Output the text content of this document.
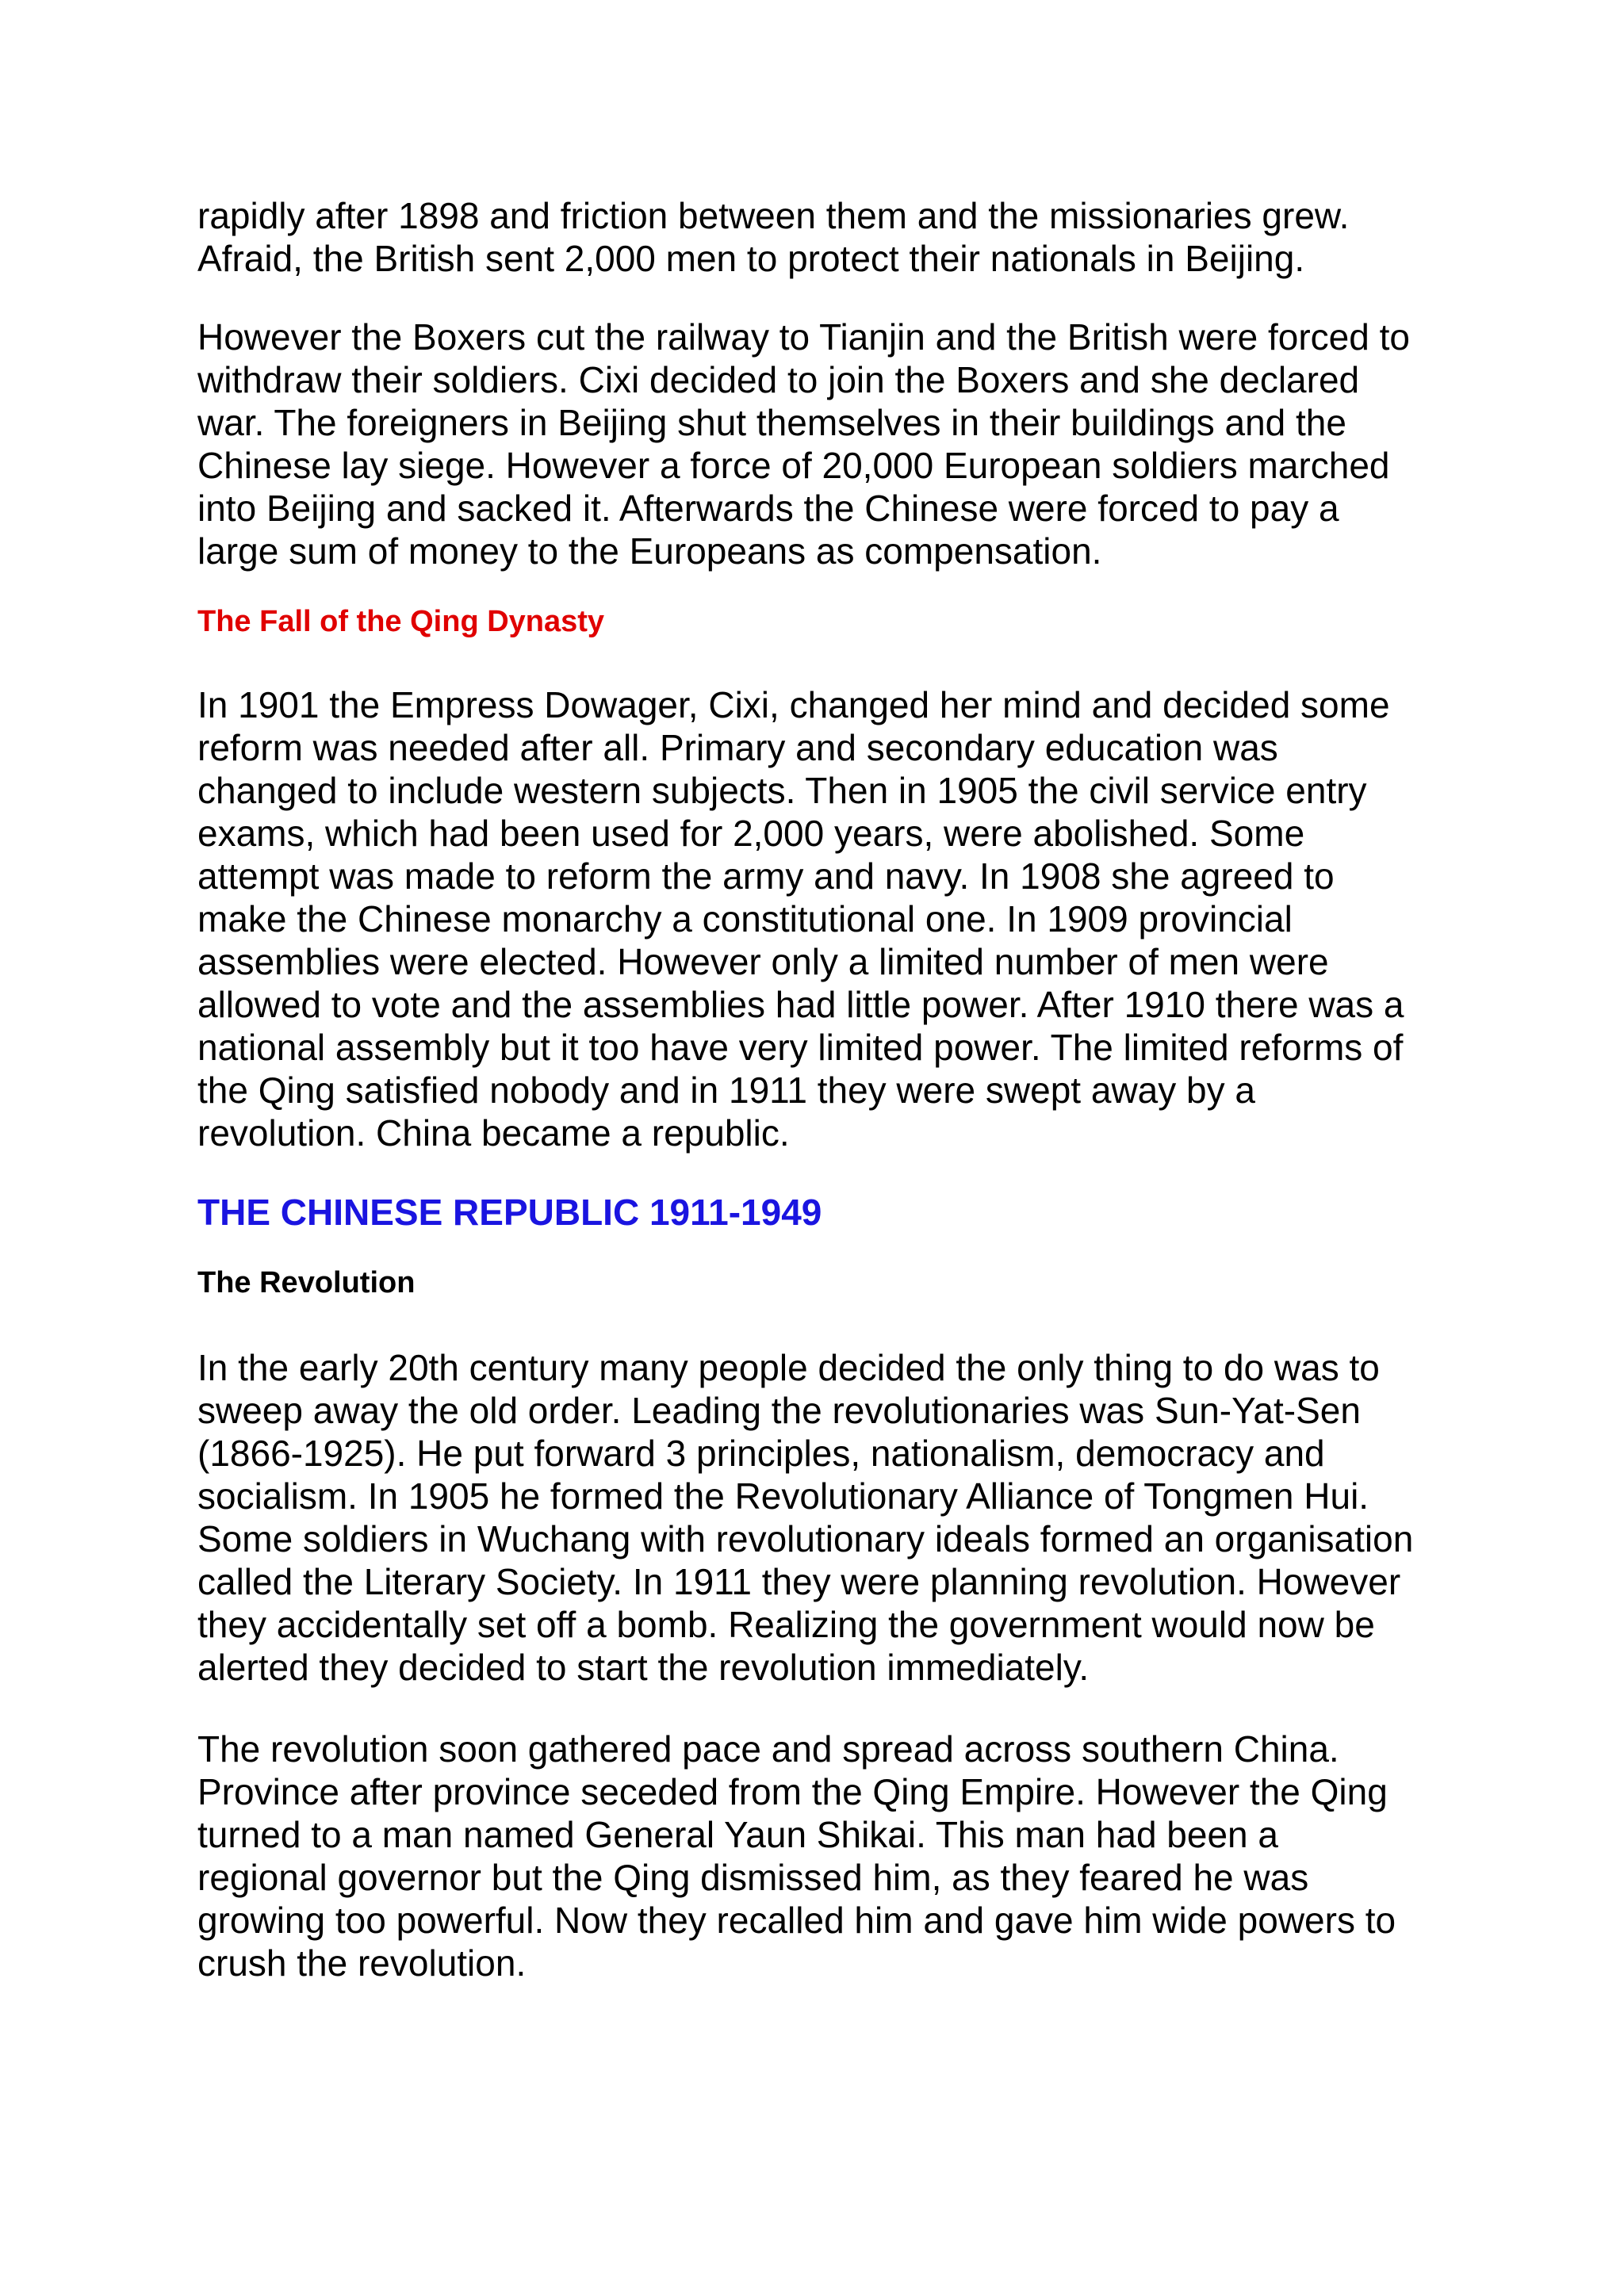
rapidly after 1898 and friction between them and the missionaries grew.
Afraid, the British sent 2,000 men to protect their nationals in Beijing.

However the Boxers cut the railway to Tianjin and the British were forced to
withdraw their soldiers. Cixi decided to join the Boxers and she declared
war. The foreigners in Beijing shut themselves in their buildings and the
Chinese lay siege. However a force of 20,000 European soldiers marched
into Beijing and sacked it. Afterwards the Chinese were forced to pay a
large sum of money to the Europeans as compensation.

The Fall of the Qing Dynasty

In 1901 the Empress Dowager, Cixi, changed her mind and decided some
reform was needed after all. Primary and secondary education was
changed to include western subjects. Then in 1905 the civil service entry
exams, which had been used for 2,000 years, were abolished. Some
attempt was made to reform the army and navy. In 1908 she agreed to
make the Chinese monarchy a constitutional one. In 1909 provincial
assemblies were elected. However only a limited number of men were
allowed to vote and the assemblies had little power. After 1910 there was a
national assembly but it too have very limited power. The limited reforms of
the Qing satisfied nobody and in 1911 they were swept away by a
revolution. China became a republic.

THE CHINESE REPUBLIC 1911-1949
The Revolution

In the early 20th century many people decided the only thing to do was to
sweep away the old order. Leading the revolutionaries was Sun-Yat-Sen
(1866-1925). He put forward 3 principles, nationalism, democracy and
socialism. In 1905 he formed the Revolutionary Alliance of Tongmen Hui.
Some soldiers in Wuchang with revolutionary ideals formed an organisation
called the Literary Society. In 1911 they were planning revolution. However
they accidentally set off a bomb. Realizing the government would now be
alerted they decided to start the revolution immediately.

The revolution soon gathered pace and spread across southern China.
Province after province seceded from the Qing Empire. However the Qing
turned to a man named General Yaun Shikai. This man had been a
regional governor but the Qing dismissed him, as they feared he was
growing too powerful. Now they recalled him and gave him wide powers to
crush the revolution.
